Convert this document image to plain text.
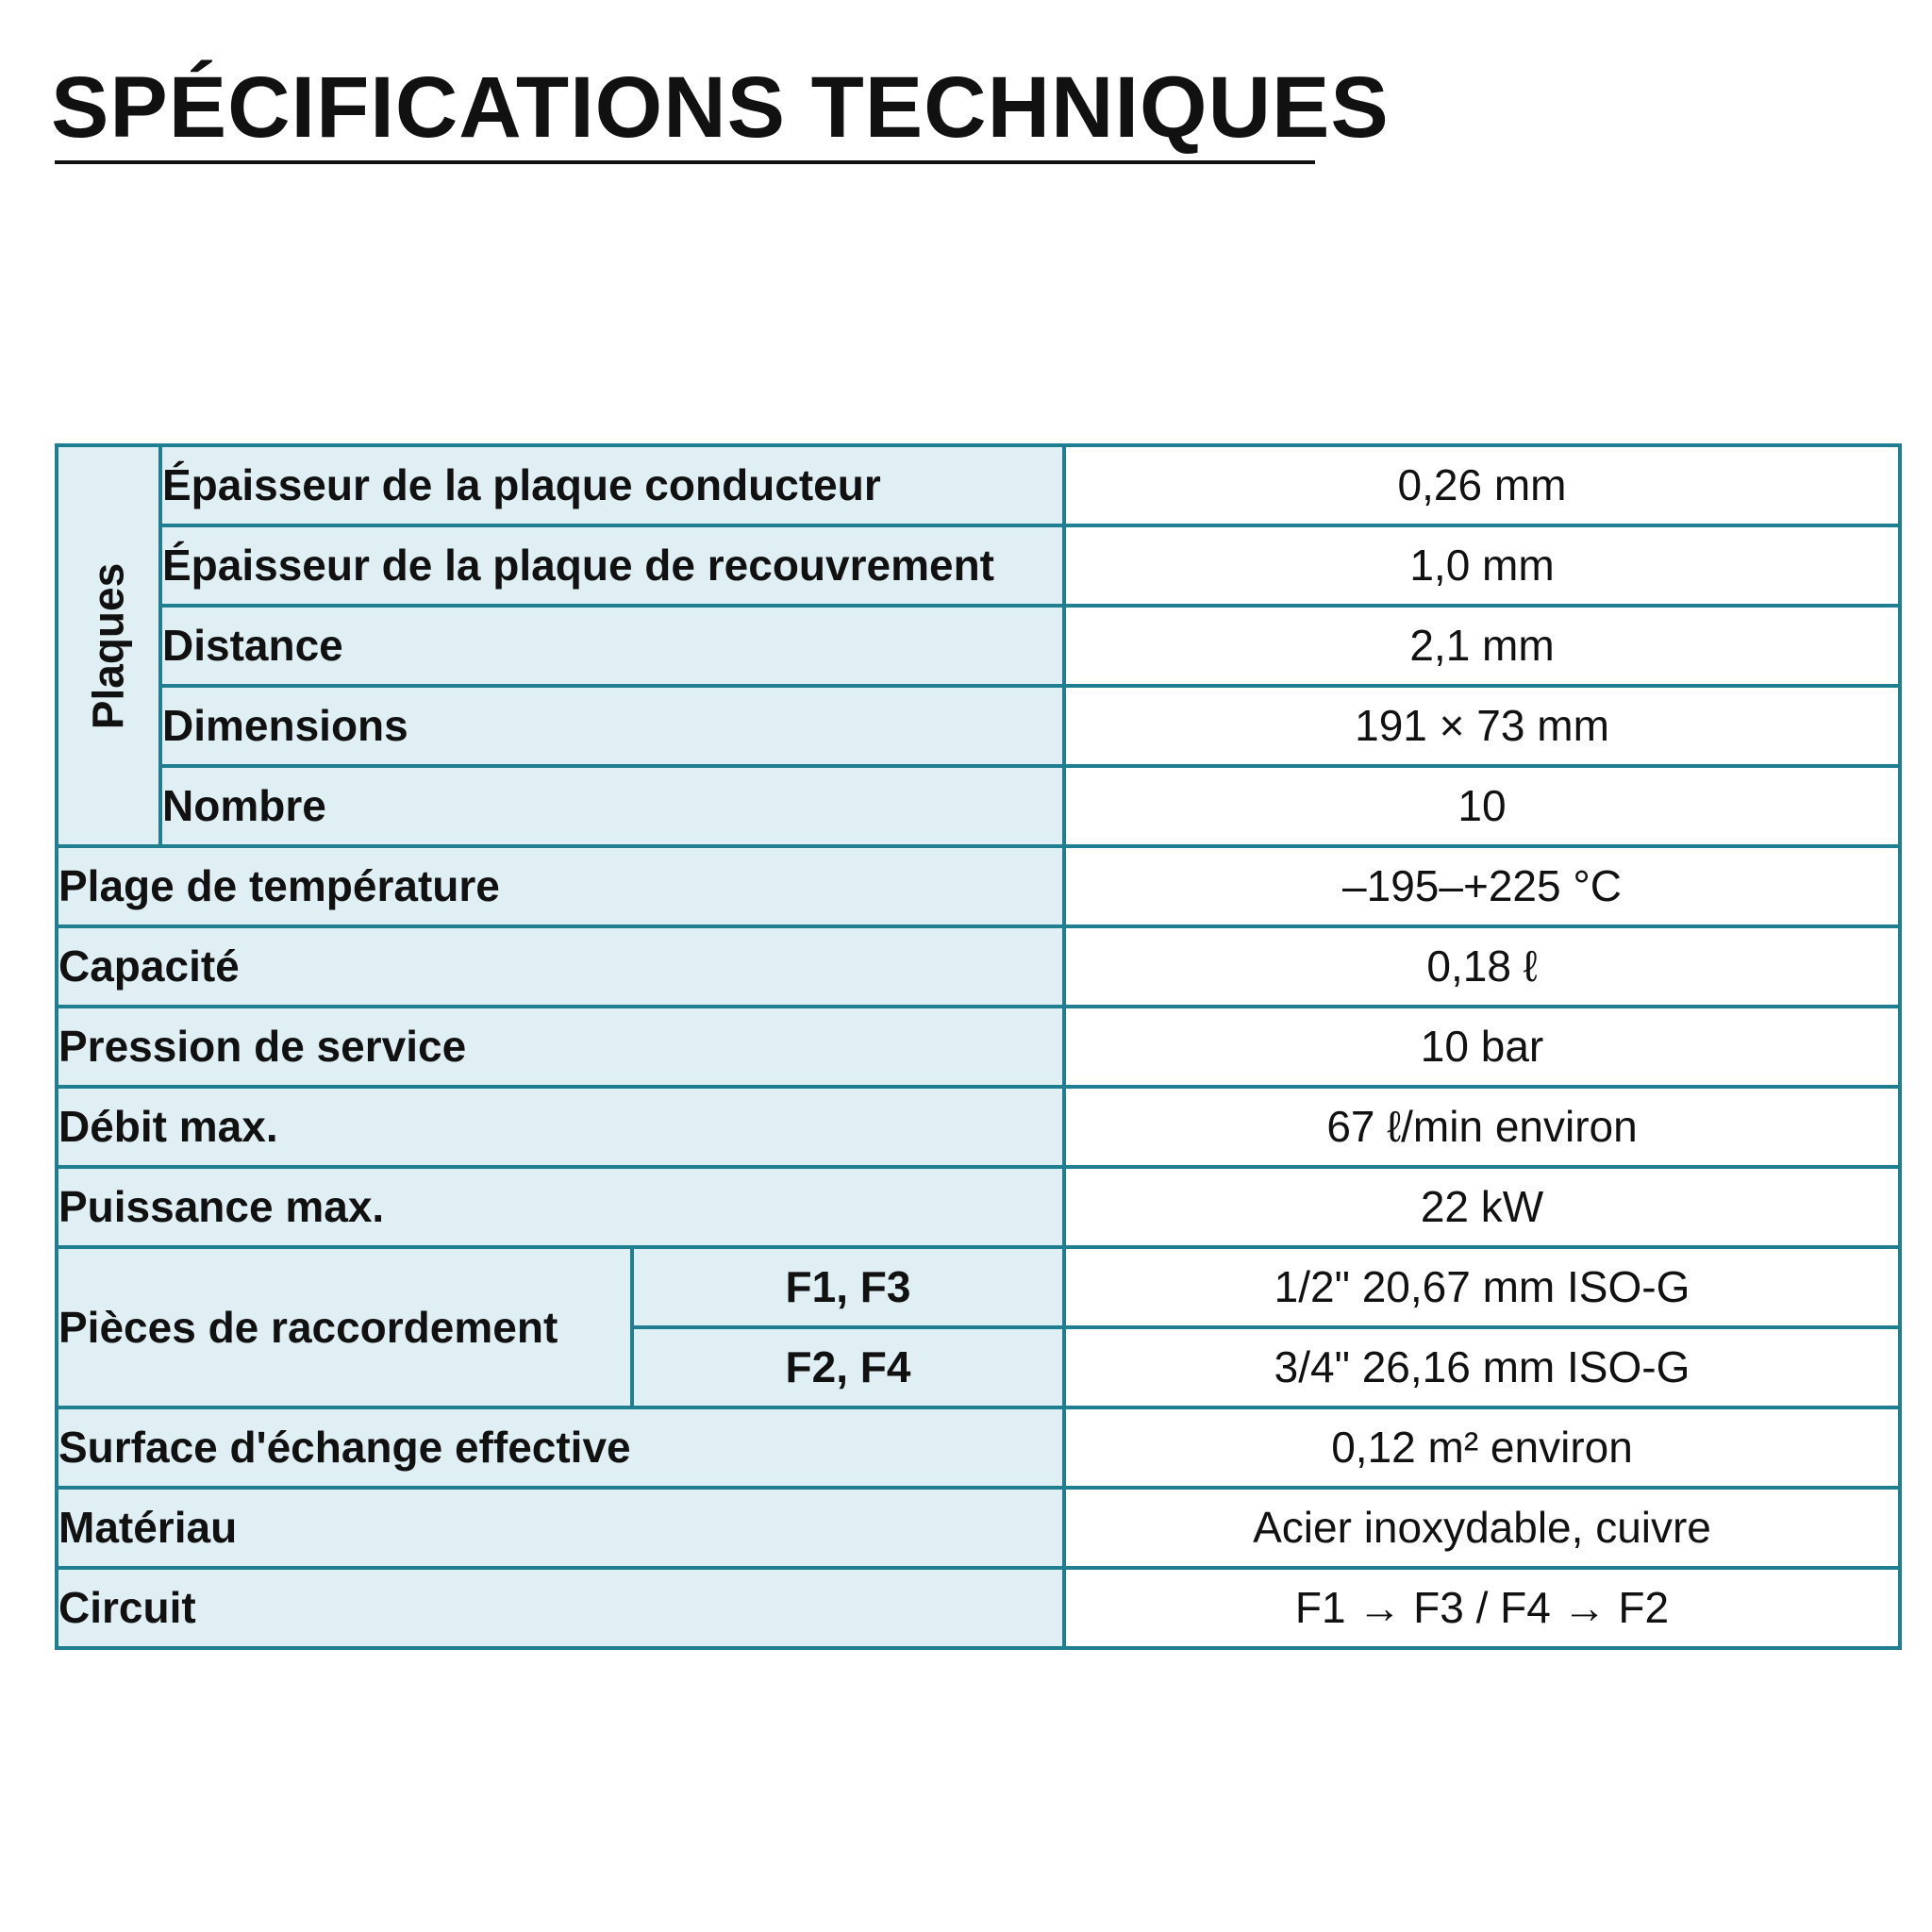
SPÉCIFICATIONS TECHNIQUES
Plaques	Épaisseur de la plaque conducteur		0,26 mm
	Épaisseur de la plaque de recouvrement		1,0 mm
	Distance		2,1 mm
	Dimensions		191 × 73 mm
	Nombre		10
Plage de température			–195–+225 °C
Capacité			0,18 ℓ
Pression de service			10 bar
Débit max.			67 ℓ/min environ
Puissance max.			22 kW
Pièces de raccordement		F1, F3	1/2" 20,67 mm ISO-G
		F2, F4	3/4" 26,16 mm ISO-G
Surface d'échange effective			0,12 m² environ
Matériau			Acier inoxydable, cuivre
Circuit			F1 → F3 / F4 → F2
